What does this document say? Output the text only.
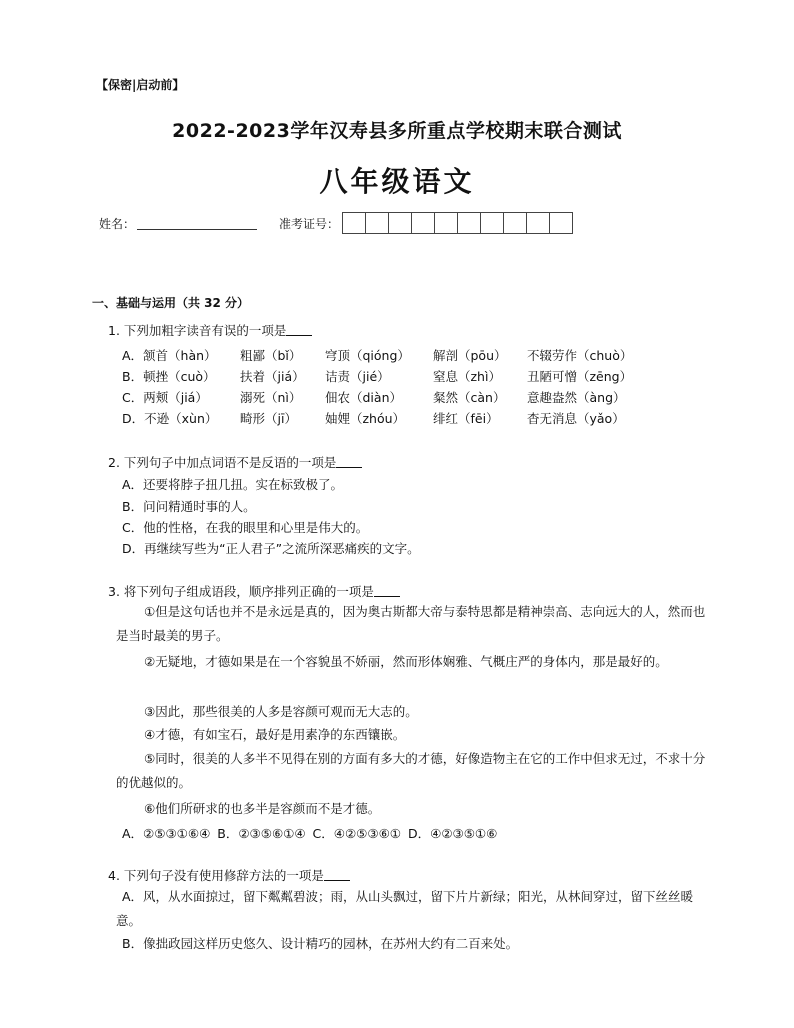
【保密|启动前】
2022-2023学年汉寿县多所重点学校期末联合测试
八年级语文
姓名：	准考证号：
一、基础与运用（共 32 分）
1. 下列加粗字读音有误的一项是
A．颔首（hàn）	粗鄙（bǐ）	穹顶（qióng）	解剖（pōu）	不辍劳作（chuò）
B．顿挫（cuò）	扶着（jiá）	诘责（jié）	窒息（zhì）	丑陋可憎（zēng）
C．两颊（jiá）	溺死（nì）	佃农（diàn）	粲然（càn）	意趣盎然（àng）
D．不逊（xùn）	畸形（jī）	妯娌（zhóu）	绯红（fēi）	杳无消息（yǎo）
2. 下列句子中加点词语不是反语的一项是
A．还要将脖子扭几扭。实在标致极了。
B．问问精通时事的人。
C．他的性格，在我的眼里和心里是伟大的。
D．再继续写些为“正人君子”之流所深恶痛疾的文字。
3. 将下列句子组成语段，顺序排列正确的一项是
①但是这句话也并不是永远是真的，因为奥古斯都大帝与泰特思都是精神崇高、志向远大的人，然而也是当时最美的男子。
②无疑地，才德如果是在一个容貌虽不娇丽，然而形体娴雅、气概庄严的身体内，那是最好的。
③因此，那些很美的人多是容颜可观而无大志的。
④才德，有如宝石，最好是用素净的东西镶嵌。
⑤同时，很美的人多半不见得在别的方面有多大的才德，好像造物主在它的工作中但求无过，不求十分的优越似的。
⑥他们所研求的也多半是容颜而不是才德。
A．②⑤③①⑥④ B．②③⑤⑥①④ C．④②⑤③⑥① D．④②③⑤①⑥
4. 下列句子没有使用修辞方法的一项是
A．风，从水面掠过，留下粼粼碧波；雨，从山头飘过，留下片片新绿；阳光，从林间穿过，留下丝丝暖意。
B．像拙政园这样历史悠久、设计精巧的园林，在苏州大约有二百来处。
